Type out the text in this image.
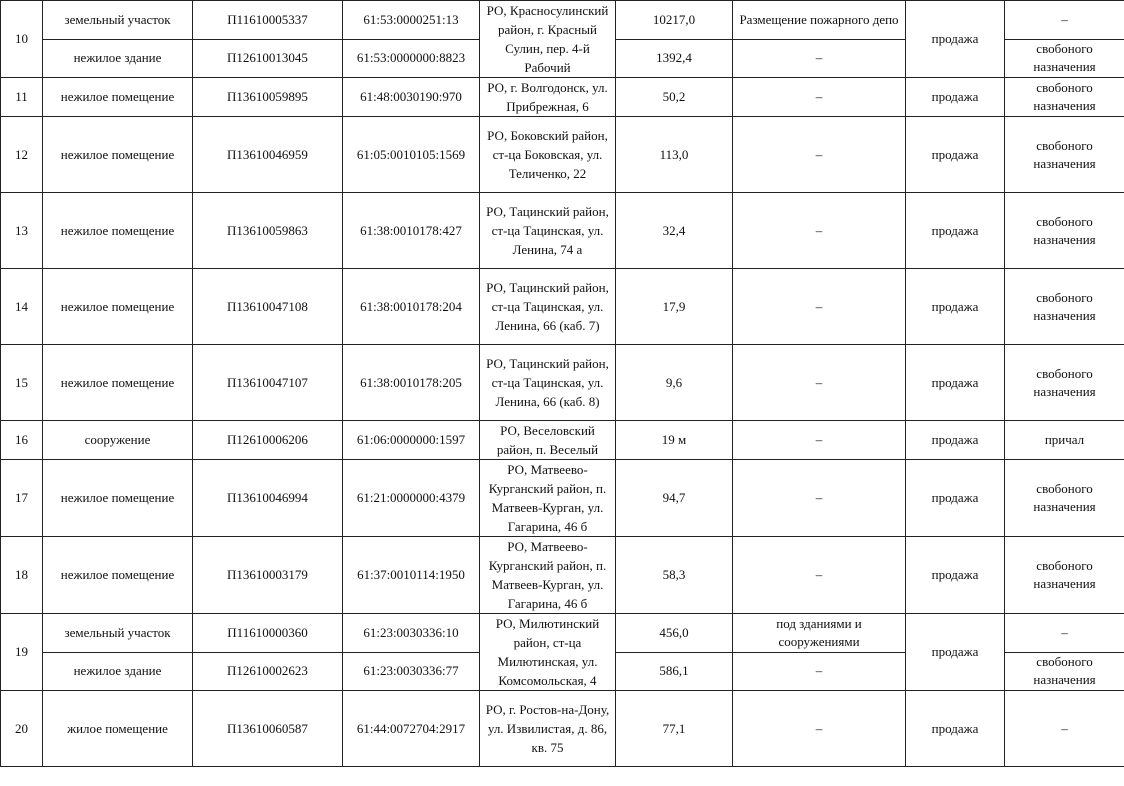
10	земельный участок	П11610005337	61:53:0000251:13	РО, Красносулинский район, г. Красный Сулин, пер. 4-й Рабочий	10217,0	Размещение пожарного депо	продажа	–
	нежилое здание	П12610013045	61:53:0000000:8823		1392,4	–		свобоного назначения
11	нежилое помещение	П13610059895	61:48:0030190:970	РО, г. Волгодонск, ул. Прибрежная, 6	50,2	–	продажа	свобоного назначения
12	нежилое помещение	П13610046959	61:05:0010105:1569	РО, Боковский район, ст-ца Боковская, ул. Теличенко, 22	113,0	–	продажа	свобоного назначения
13	нежилое помещение	П13610059863	61:38:0010178:427	РО, Тацинский район, ст-ца Тацинская, ул. Ленина, 74 а	32,4	–	продажа	свобоного назначения
14	нежилое помещение	П13610047108	61:38:0010178:204	РО, Тацинский район, ст-ца Тацинская, ул. Ленина, 66 (каб. 7)	17,9	–	продажа	свобоного назначения
15	нежилое помещение	П13610047107	61:38:0010178:205	РО, Тацинский район, ст-ца Тацинская, ул. Ленина, 66 (каб. 8)	9,6	–	продажа	свобоного назначения
16	сооружение	П12610006206	61:06:0000000:1597	РО, Веселовский район, п. Веселый	19 м	–	продажа	причал
17	нежилое помещение	П13610046994	61:21:0000000:4379	РО, Матвеево-Курганский район, п. Матвеев-Курган, ул. Гагарина, 46 б	94,7	–	продажа	свобоного назначения
18	нежилое помещение	П13610003179	61:37:0010114:1950	РО, Матвеево-Курганский район, п. Матвеев-Курган, ул. Гагарина, 46 б	58,3	–	продажа	свобоного назначения
19	земельный участок	П11610000360	61:23:0030336:10	РО, Милютинский район, ст-ца Милютинская, ул. Комсомольская, 4	456,0	под зданиями и сооружениями	продажа	–
	нежилое здание	П12610002623	61:23:0030336:77		586,1	–		свобоного назначения
20	жилое помещение	П13610060587	61:44:0072704:2917	РО, г. Ростов-на-Дону, ул. Извилистая, д. 86, кв. 75	77,1	–	продажа	–
